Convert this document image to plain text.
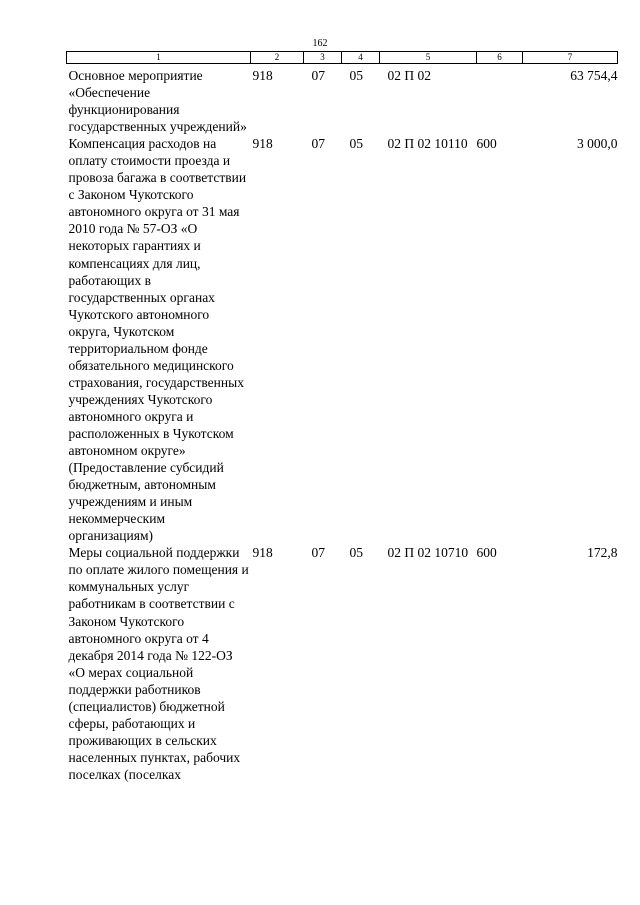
162
1	2	3	4	5	6	7
Основное мероприятие «Обеспечение функционирования государственных учреждений»	918	07	05	02 П 02		63 754,4
Компенсация расходов на оплату стоимости проезда и провоза багажа в соответствии с Законом Чукотского автономного округа от 31 мая 2010 года № 57-ОЗ «О некоторых гарантиях и компенсациях для лиц, работающих в государственных органах Чукотского автономного округа, Чукотском территориальном фонде обязательного медицинского страхования, государственных учреждениях Чукотского автономного округа и расположенных в Чукотском автономном округе» (Предоставление субсидий бюджетным, автономным учреждениям и иным некоммерческим организациям)	918	07	05	02 П 02 10110	600	3 000,0
Меры социальной поддержки по оплате жилого помещения и коммунальных услуг работникам в соответствии с Законом Чукотского автономного округа от 4 декабря 2014 года № 122-ОЗ «О мерах социальной поддержки работников (специалистов) бюджетной сферы, работающих и проживающих в сельских населенных пунктах, рабочих поселках (поселках	918	07	05	02 П 02 10710	600	172,8
